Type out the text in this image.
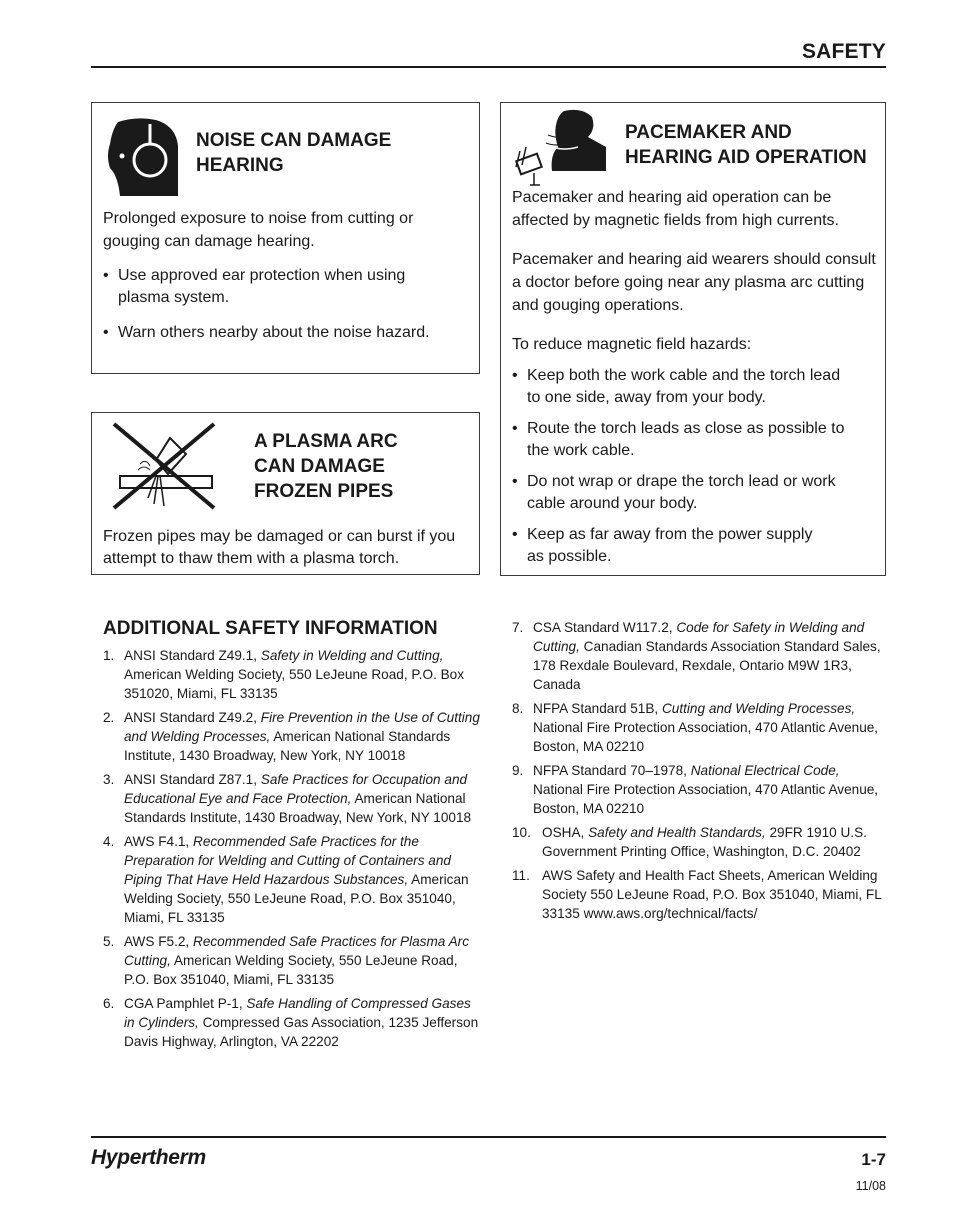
SAFETY
NOISE CAN DAMAGE
HEARING
Prolonged exposure to noise from cutting or gouging can damage hearing.
• Use approved ear protection when using plasma system.
• Warn others nearby about the noise hazard.
A PLASMA ARC
CAN DAMAGE
FROZEN PIPES
Frozen pipes may be damaged or can burst if you attempt to thaw them with a plasma torch.
PACEMAKER AND
HEARING AID OPERATION
Pacemaker and hearing aid operation can be affected by magnetic fields from high currents.
Pacemaker and hearing aid wearers should consult a doctor before going near any plasma arc cutting and gouging operations.
To reduce magnetic field hazards:
• Keep both the work cable and the torch lead to one side, away from your body.
• Route the torch leads as close as possible to the work cable.
• Do not wrap or drape the torch lead or work cable around your body.
• Keep as far away from the power supply as possible.
ADDITIONAL SAFETY INFORMATION
1. ANSI Standard Z49.1, Safety in Welding and Cutting, American Welding Society, 550 LeJeune Road, P.O. Box 351020, Miami, FL 33135
2. ANSI Standard Z49.2, Fire Prevention in the Use of Cutting and Welding Processes, American National Standards Institute, 1430 Broadway, New York, NY 10018
3. ANSI Standard Z87.1, Safe Practices for Occupation and Educational Eye and Face Protection, American National Standards Institute, 1430 Broadway, New York, NY 10018
4. AWS F4.1, Recommended Safe Practices for the Preparation for Welding and Cutting of Containers and Piping That Have Held Hazardous Substances, American Welding Society, 550 LeJeune Road, P.O. Box 351040, Miami, FL 33135
5. AWS F5.2, Recommended Safe Practices for Plasma Arc Cutting, American Welding Society, 550 LeJeune Road, P.O. Box 351040, Miami, FL 33135
6. CGA Pamphlet P-1, Safe Handling of Compressed Gases in Cylinders, Compressed Gas Association, 1235 Jefferson Davis Highway, Arlington, VA 22202
7. CSA Standard W117.2, Code for Safety in Welding and Cutting, Canadian Standards Association Standard Sales, 178 Rexdale Boulevard, Rexdale, Ontario M9W 1R3, Canada
8. NFPA Standard 51B, Cutting and Welding Processes, National Fire Protection Association, 470 Atlantic Avenue, Boston, MA 02210
9. NFPA Standard 70–1978, National Electrical Code, National Fire Protection Association, 470 Atlantic Avenue, Boston, MA 02210
10. OSHA, Safety and Health Standards, 29FR 1910 U.S. Government Printing Office, Washington, D.C. 20402
11. AWS Safety and Health Fact Sheets, American Welding Society 550 LeJeune Road, P.O. Box 351040, Miami, FL 33135 www.aws.org/technical/facts/
Hypertherm	1-7
11/08
